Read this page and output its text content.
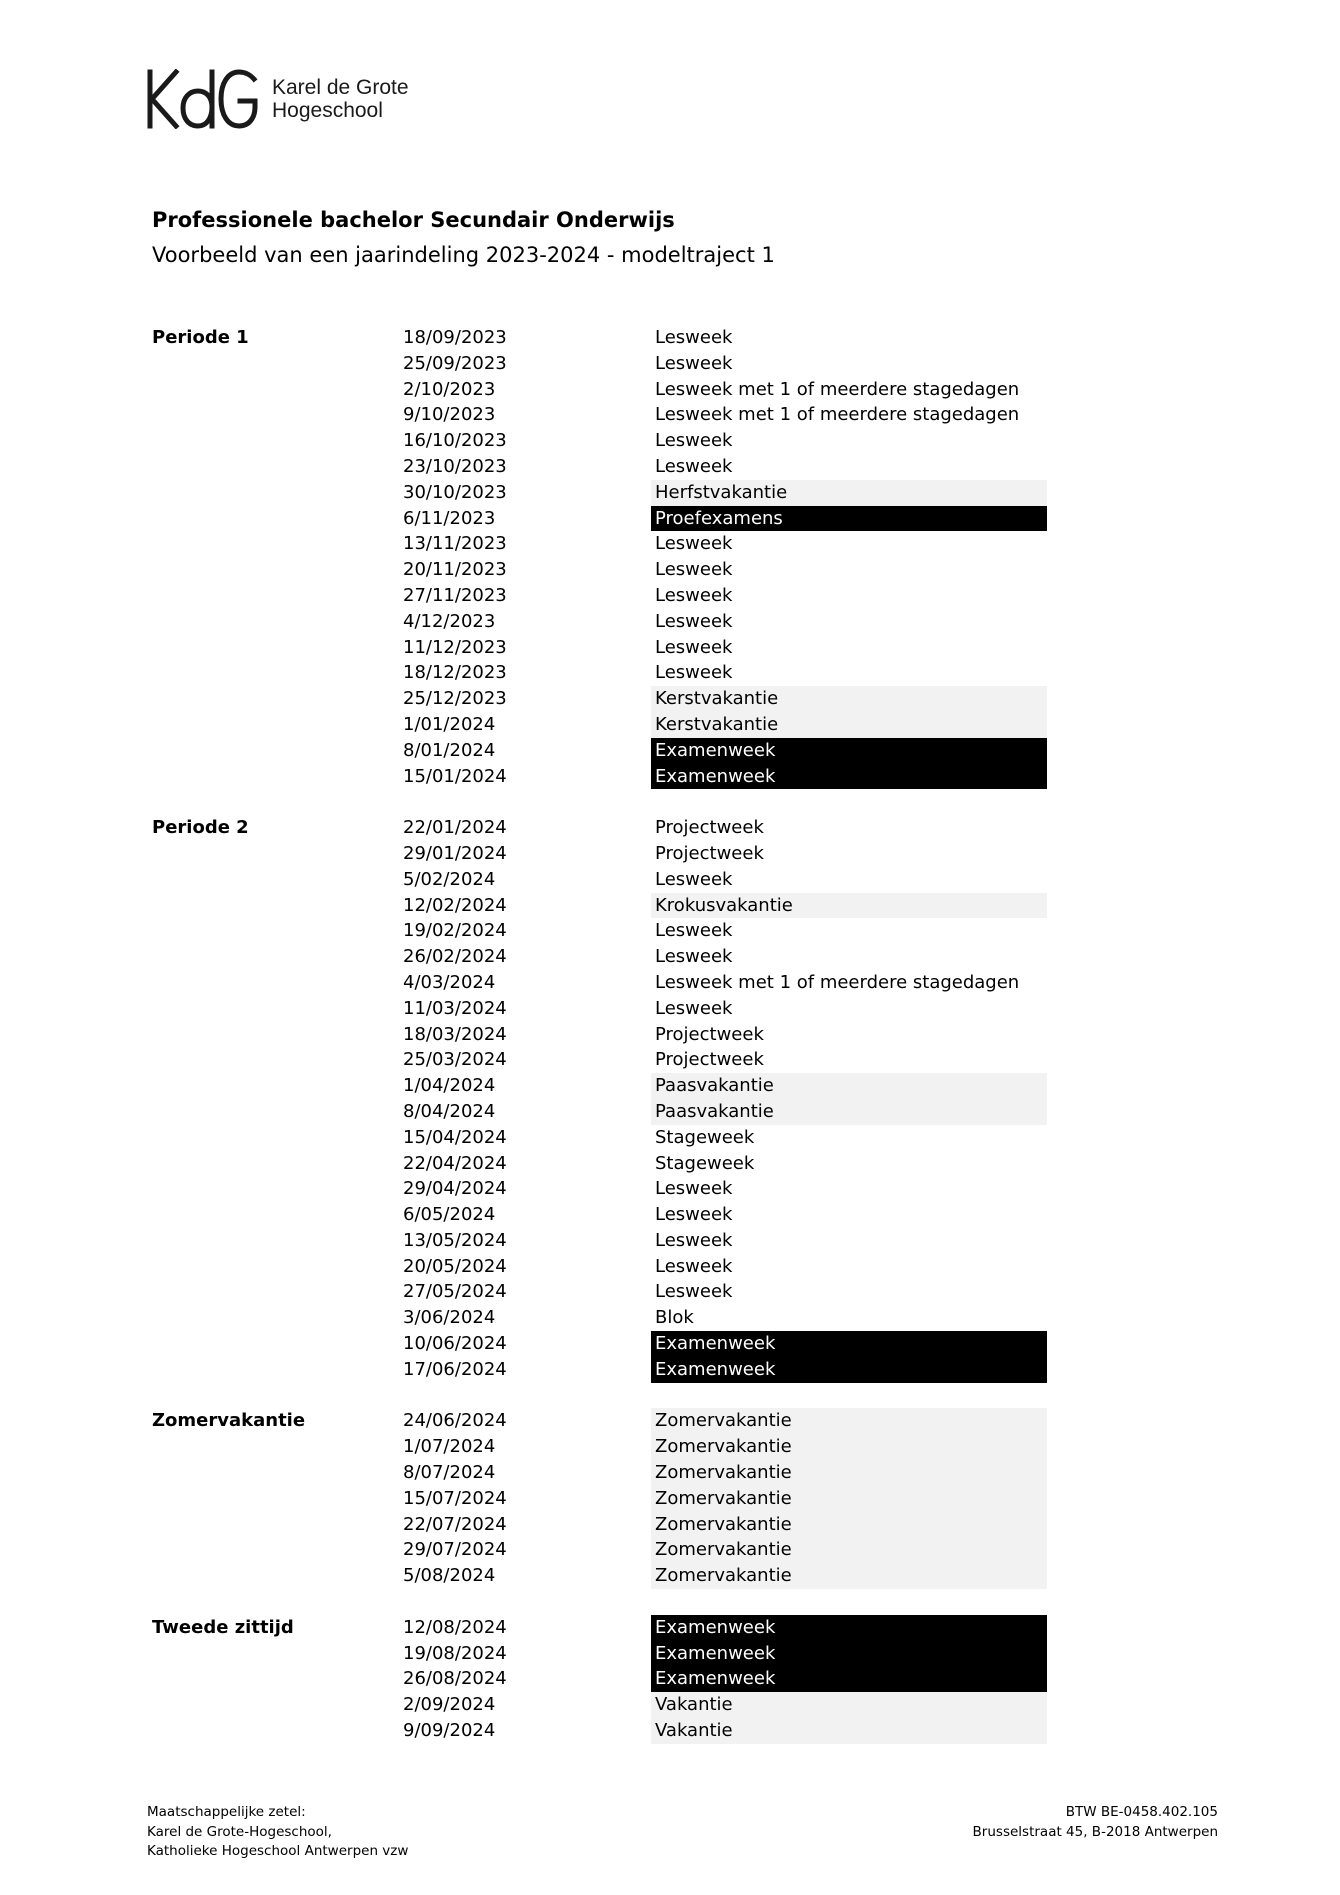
Karel de Grote
Hogeschool
Professionele bachelor Secundair Onderwijs
Voorbeeld van een jaarindeling 2023-2024 - modeltraject 1
Periode 1	18/09/2023	Lesweek
25/09/2023	Lesweek
2/10/2023	Lesweek met 1 of meerdere stagedagen
9/10/2023	Lesweek met 1 of meerdere stagedagen
16/10/2023	Lesweek
23/10/2023	Lesweek
30/10/2023	Herfstvakantie
6/11/2023	Proefexamens
13/11/2023	Lesweek
20/11/2023	Lesweek
27/11/2023	Lesweek
4/12/2023	Lesweek
11/12/2023	Lesweek
18/12/2023	Lesweek
25/12/2023	Kerstvakantie
1/01/2024	Kerstvakantie
8/01/2024	Examenweek
15/01/2024	Examenweek
Periode 2	22/01/2024	Projectweek
29/01/2024	Projectweek
5/02/2024	Lesweek
12/02/2024	Krokusvakantie
19/02/2024	Lesweek
26/02/2024	Lesweek
4/03/2024	Lesweek met 1 of meerdere stagedagen
11/03/2024	Lesweek
18/03/2024	Projectweek
25/03/2024	Projectweek
1/04/2024	Paasvakantie
8/04/2024	Paasvakantie
15/04/2024	Stageweek
22/04/2024	Stageweek
29/04/2024	Lesweek
6/05/2024	Lesweek
13/05/2024	Lesweek
20/05/2024	Lesweek
27/05/2024	Lesweek
3/06/2024	Blok
10/06/2024	Examenweek
17/06/2024	Examenweek
Zomervakantie	24/06/2024	Zomervakantie
1/07/2024	Zomervakantie
8/07/2024	Zomervakantie
15/07/2024	Zomervakantie
22/07/2024	Zomervakantie
29/07/2024	Zomervakantie
5/08/2024	Zomervakantie
Tweede zittijd	12/08/2024	Examenweek
19/08/2024	Examenweek
26/08/2024	Examenweek
2/09/2024	Vakantie
9/09/2024	Vakantie
Maatschappelijke zetel:
Karel de Grote-Hogeschool,
Katholieke Hogeschool Antwerpen vzw
BTW BE-0458.402.105
Brusselstraat 45, B-2018 Antwerpen
